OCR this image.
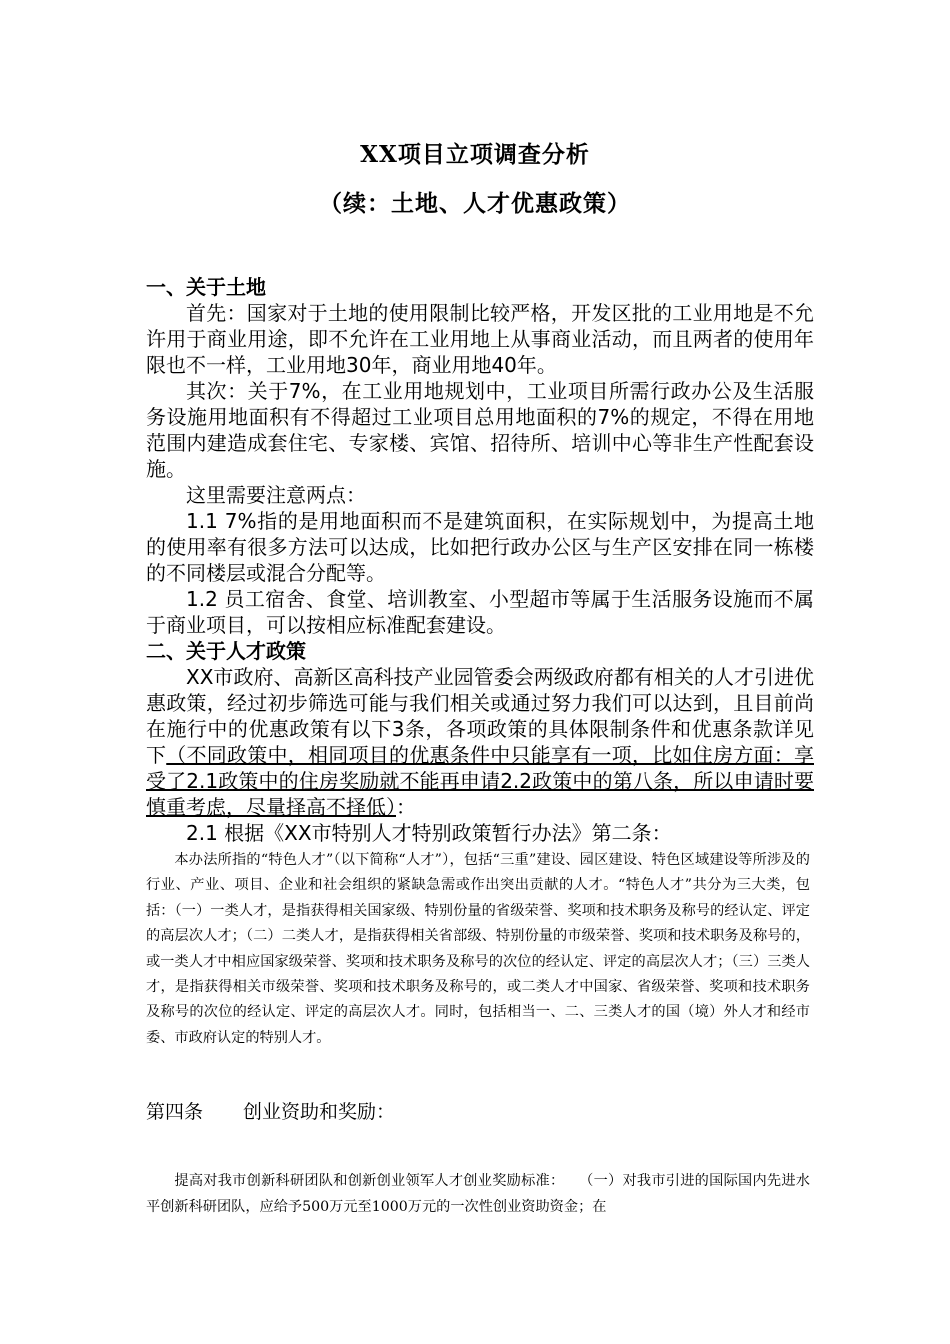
XX项目立项调查分析
（续：土地、人才优惠政策）

一、关于土地

首先：国家对于土地的使用限制比较严格，开发区批的工业用地是不允许用于商业用途，即不允许在工业用地上从事商业活动，而且两者的使用年限也不一样，工业用地30年，商业用地40年。

其次：关于7%，在工业用地规划中，工业项目所需行政办公及生活服务设施用地面积有不得超过工业项目总用地面积的7%的规定，不得在用地范围内建造成套住宅、专家楼、宾馆、招待所、培训中心等非生产性配套设施。

这里需要注意两点：

1.1 7%指的是用地面积而不是建筑面积，在实际规划中，为提高土地的使用率有很多方法可以达成，比如把行政办公区与生产区安排在同一栋楼的不同楼层或混合分配等。

1.2 员工宿舍、食堂、培训教室、小型超市等属于生活服务设施而不属于商业项目，可以按相应标准配套建设。

二、关于人才政策

XX市政府、高新区高科技产业园管委会两级政府都有相关的人才引进优惠政策，经过初步筛选可能与我们相关或通过努力我们可以达到，且目前尚在施行中的优惠政策有以下3条，各项政策的具体限制条件和优惠条款详见下（不同政策中，相同项目的优惠条件中只能享有一项，比如住房方面：享受了2.1政策中的住房奖励就不能再申请2.2政策中的第八条，所以申请时要慎重考虑，尽量择高不择低）：

2.1 根据《XX市特别人才特别政策暂行办法》第二条：

本办法所指的“特色人才”（以下简称“人才”），包括“三重”建设、园区建设、特色区域建设等所涉及的行业、产业、项目、企业和社会组织的紧缺急需或作出突出贡献的人才。“特色人才”共分为三大类，包括：（一）一类人才，是指获得相关国家级、特别份量的省级荣誉、奖项和技术职务及称号的经认定、评定的高层次人才；（二）二类人才，是指获得相关省部级、特别份量的市级荣誉、奖项和技术职务及称号的，或一类人才中相应国家级荣誉、奖项和技术职务及称号的次位的经认定、评定的高层次人才；（三）三类人才，是指获得相关市级荣誉、奖项和技术职务及称号的，或二类人才中国家、省级荣誉、奖项和技术职务及称号的次位的经认定、评定的高层次人才。同时，包括相当一、二、三类人才的国（境）外人才和经市委、市政府认定的特别人才。
第四条 创业资助和奖励：
提高对我市创新科研团队和创新创业领军人才创业奖励标准：　　（一）对我市引进的国际国内先进水平创新科研团队，应给予500万元至1000万元的一次性创业资助资金；在
